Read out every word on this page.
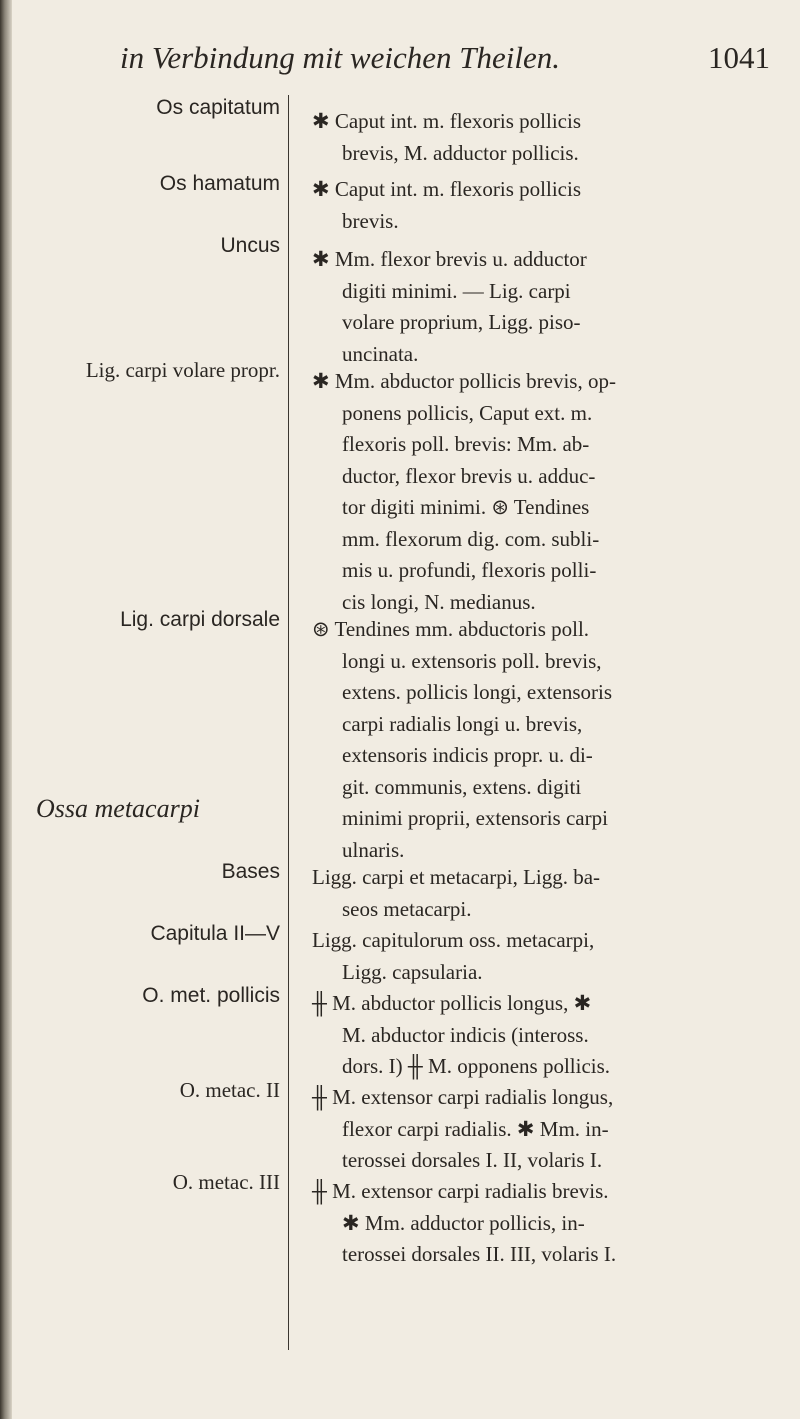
in Verbindung mit weichen Theilen.	1041
Os capitatum
Os hamatum
Uncus
Lig. carpi volare propr.
Lig. carpi dorsale
Ossa metacarpi
Bases
Capitula II—V
O. met. pollicis
O. metac. II
O. metac. III

✱ Caput int. m. flexoris pollicis

brevis, M. adductor pollicis.

✱ Caput int. m. flexoris pollicis

brevis.

✱ Mm. flexor brevis u. adductor

digiti minimi. — Lig. carpi

volare proprium, Ligg. piso-

uncinata.

✱ Mm. abductor pollicis brevis, op-

ponens pollicis, Caput ext. m.

flexoris poll. brevis: Mm. ab-

ductor, flexor brevis u. adduc-

tor digiti minimi. ⊛ Tendines

mm. flexorum dig. com. subli-

mis u. profundi, flexoris polli-

cis longi, N. medianus.

⊛ Tendines mm. abductoris poll.

longi u. extensoris poll. brevis,

extens. pollicis longi, extensoris

carpi radialis longi u. brevis,

extensoris indicis propr. u. di-

git. communis, extens. digiti

minimi proprii, extensoris carpi

ulnaris.

Ligg. carpi et metacarpi, Ligg. ba-

seos metacarpi.

Ligg. capitulorum oss. metacarpi,

Ligg. capsularia.

╫ M. abductor pollicis longus, ✱

M. abductor indicis (inteross.

dors. I) ╫ M. opponens pollicis.

╫ M. extensor carpi radialis longus,

flexor carpi radialis. ✱ Mm. in-

terossei dorsales I. II, volaris I.

╫ M. extensor carpi radialis brevis.

✱ Mm. adductor pollicis, in-

terossei dorsales II. III, volaris I.
